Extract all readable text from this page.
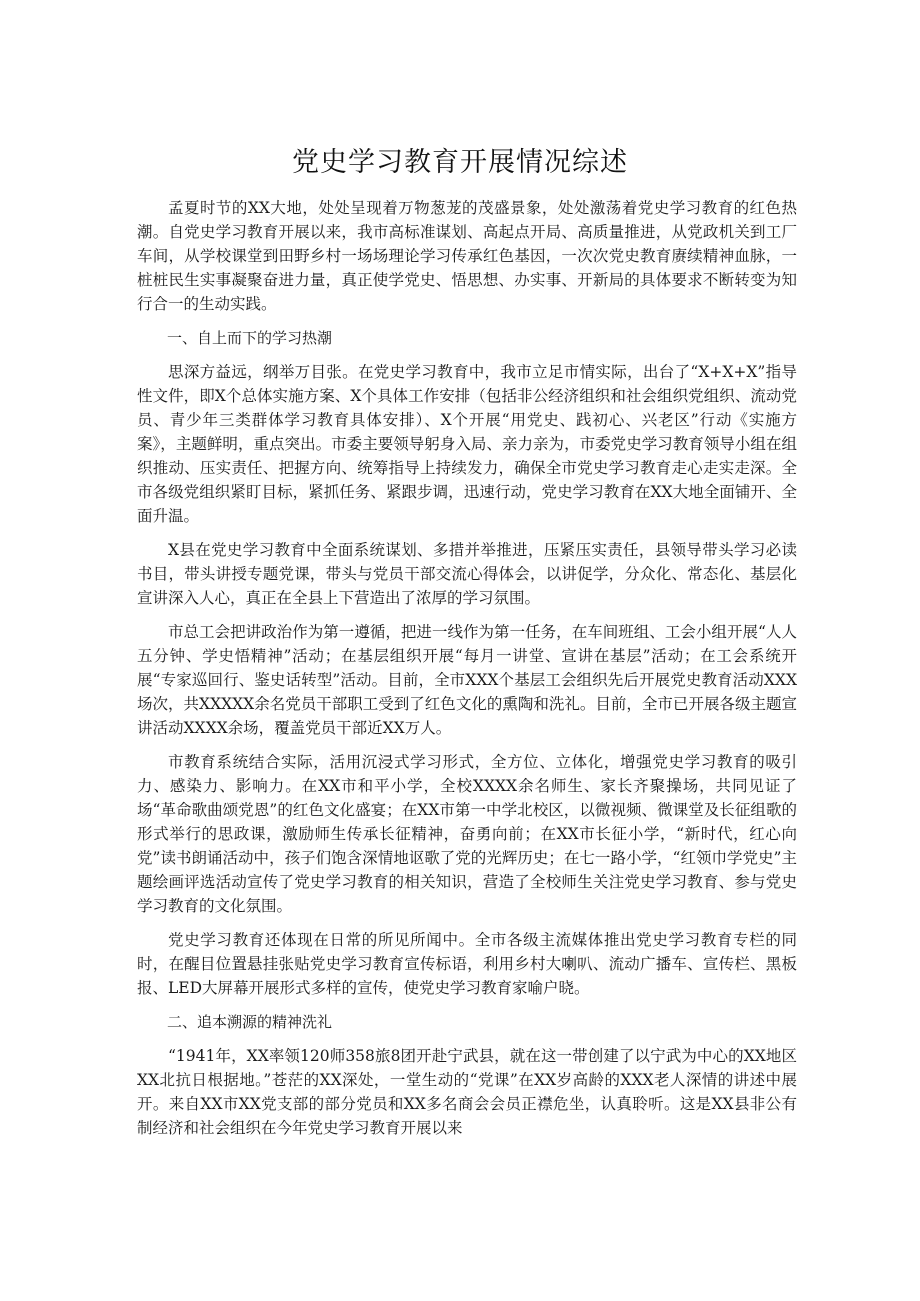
党史学习教育开展情况综述

孟夏时节的XX大地，处处呈现着万物葱茏的茂盛景象，处处激荡着党史学习教育的红色热潮。自党史学习教育开展以来，我市高标准谋划、高起点开局、高质量推进，从党政机关到工厂车间，从学校课堂到田野乡村一场场理论学习传承红色基因，一次次党史教育赓续精神血脉，一桩桩民生实事凝聚奋进力量，真正使学党史、悟思想、办实事、开新局的具体要求不断转变为知行合一的生动实践。

一、自上而下的学习热潮

思深方益远，纲举万目张。在党史学习教育中，我市立足市情实际，出台了“X+X+X”指导性文件，即X个总体实施方案、X个具体工作安排（包括非公经济组织和社会组织党组织、流动党员、青少年三类群体学习教育具体安排）、X个开展“用党史、践初心、兴老区”行动《实施方案》，主题鲜明，重点突出。市委主要领导躬身入局、亲力亲为，市委党史学习教育领导小组在组织推动、压实责任、把握方向、统筹指导上持续发力，确保全市党史学习教育走心走实走深。全市各级党组织紧盯目标，紧抓任务、紧跟步调，迅速行动，党史学习教育在XX大地全面铺开、全面升温。

X县在党史学习教育中全面系统谋划、多措并举推进，压紧压实责任，县领导带头学习必读书目，带头讲授专题党课，带头与党员干部交流心得体会，以讲促学，分众化、常态化、基层化宣讲深入人心，真正在全县上下营造出了浓厚的学习氛围。

市总工会把讲政治作为第一遵循，把进一线作为第一任务，在车间班组、工会小组开展“人人五分钟、学史悟精神”活动；在基层组织开展“每月一讲堂、宣讲在基层”活动；在工会系统开展“专家巡回行、鉴史话转型”活动。目前，全市XXX个基层工会组织先后开展党史教育活动XXX场次，共XXXXX余名党员干部职工受到了红色文化的熏陶和洗礼。目前，全市已开展各级主题宣讲活动XXXX余场，覆盖党员干部近XX万人。

市教育系统结合实际，活用沉浸式学习形式，全方位、立体化，增强党史学习教育的吸引力、感染力、影响力。在XX市和平小学，全校XXXX余名师生、家长齐聚操场，共同见证了场“革命歌曲颂党恩”的红色文化盛宴；在XX市第一中学北校区，以微视频、微课堂及长征组歌的形式举行的思政课，激励师生传承长征精神，奋勇向前；在XX市长征小学，“新时代，红心向党”读书朗诵活动中，孩子们饱含深情地讴歌了党的光辉历史；在七一路小学，“红领巾学党史”主题绘画评选活动宣传了党史学习教育的相关知识，营造了全校师生关注党史学习教育、参与党史学习教育的文化氛围。

党史学习教育还体现在日常的所见所闻中。全市各级主流媒体推出党史学习教育专栏的同时，在醒目位置悬挂张贴党史学习教育宣传标语，利用乡村大喇叭、流动广播车、宣传栏、黑板报、LED大屏幕开展形式多样的宣传，使党史学习教育家喻户晓。

二、追本溯源的精神洗礼

“1941年，XX率领120师358旅8团开赴宁武县，就在这一带创建了以宁武为中心的XX地区XX北抗日根据地。”苍茫的XX深处，一堂生动的“党课”在XX岁高龄的XXX老人深情的讲述中展开。来自XX市XX党支部的部分党员和XX多名商会会员正襟危坐，认真聆听。这是XX县非公有制经济和社会组织在今年党史学习教育开展以来
